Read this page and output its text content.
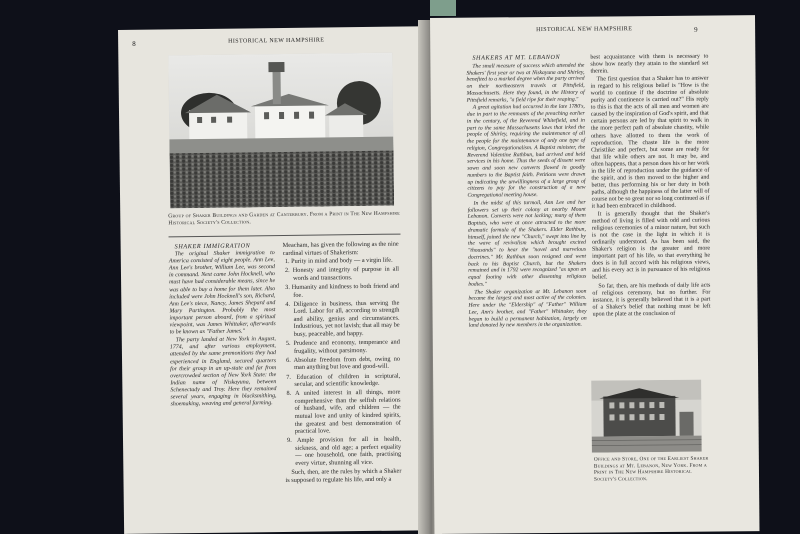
8	HISTORICAL NEW HAMPSHIRE
Group of Shaker Buildings and Garden at Canterbury. From a Print in The New Hampshire Historical Society's Collection.

SHAKER IMMIGRATION

The original Shaker immigration to America consisted of eight people. Ann Lee, Ann Lee's brother, William Lee, was second in command. Next came John Hocknell, who must have had considerable means, since he was able to buy a home for them later. Also included were John Hocknell's son, Richard, Ann Lee's niece, Nancy, James Shepard and Mary Partington. Probably the most important person aboard, from a spiritual viewpoint, was James Whittaker, afterwards to be known as "Father James."

The party landed at New York in August, 1774, and after various employment, attended by the same premonitions they had experienced in England, secured quarters for their group in an up-state and far from overcrowded section of New York State: the Indian name of Niskayuna, between Schenectady and Troy. Here they remained several years, engaging in blacksmithing, shoemaking, weaving and general farming.

Meacham, has given the following as the nine cardinal virtues of Shakerism:

1. Purity in mind and body — a virgin life.

2. Honesty and integrity of purpose in all words and transactions.

3. Humanity and kindness to both friend and foe.

4. Diligence in business, thus serving the Lord. Labor for all, according to strength and ability, genius and circumstances. Industrious, yet not lavish; that all may be busy, peaceable, and happy.

5. Prudence and economy, temperance and frugality, without parsimony.

6. Absolute freedom from debt, owing no man anything but love and good-will.

7. Education of children in scriptural, secular, and scientific knowledge.

8. A united interest in all things, more comprehensive than the selfish relations of husband, wife, and children — the mutual love and unity of kindred spirits, the greatest and best demonstration of practical love.

9. Ample provision for all in health, sickness, and old age; a perfect equality — one household, one faith, practising every virtue, shunning all vice.

Such, then, are the rules by which a Shaker is supposed to regulate his life, and only a

HISTORICAL NEW HAMPSHIRE	9

SHAKERS AT MT. LEBANON

The small measure of success which attended the Shakers' first year or two at Niskayuna and Shirley, benefited to a marked degree when the party arrived on their northeastern travels at Pittsfield, Massachusetts. Here they found, in the History of Pittsfield remarks, "a field ripe for their reaping."

A great agitation had occurred in the late 1780's, due in part to the remnants of the preaching earlier in the century, of the Reverend Whitefield, and in part to the same Massachusetts laws that irked the people of Shirley, requiring the maintenance of all the people for the maintenance of only one type of religion, Congregationalism. A Baptist minister, the Reverend Valentine Rathbun, had arrived and held services in his home. Thus the seeds of dissent were sown and soon new converts flowed in goodly numbers to the Baptist faith. Petitions were drawn up indicating the unwillingness of a large group of citizens to pay for the construction of a new Congregational meeting house.

In the midst of this turmoil, Ann Lee and her followers set up their colony at nearby Mount Lebanon. Converts were not lacking; many of them Baptists, who were at once attracted to the more dramatic formula of the Shakers. Elder Rathbun, himself, joined the new "Church," swept into line by the wave of revivalism which brought excited "thousands" to hear the "novel and marvelous doctrines." Mr. Rathbun soon resigned and went back to his Baptist Church, but the Shakers remained and in 1792 were recognized "as upon an equal footing with other dissenting religious bodies."

The Shaker organization at Mt. Lebanon soon became the largest and most active of the colonies. Here under the "Eldership" of "Father" William Lee, Ann's brother, and "Father" Whittaker, they began to build a permanent habitation, largely on land donated by new members in the organization.

best acquaintance with them is necessary to show how nearly they attain to the standard set therein.

The first question that a Shaker has to answer in regard to his religious belief is "How is the world to continue if the doctrine of absolute purity and continence is carried out?" His reply to this is that the acts of all men and women are caused by the inspiration of God's spirit, and that certain persons are led by that spirit to walk in the more perfect path of absolute chastity, while others have allotted to them the work of reproduction. The chaste life is the more Christlike and perfect, but some are ready for that life while others are not. It may be, and often happens, that a person does his or her work in the life of reproduction under the guidance of the spirit, and is then moved to the higher and better, thus performing his or her duty in both paths, although the happiness of the latter will of course not be so great nor so long continued as if it had been embraced in childhood.

It is generally thought that the Shaker's method of living is filled with odd and curious religious ceremonies of a minor nature, but such is not the case in the light in which it is ordinarily understood. As has been said, the Shaker's religion is the greater and more important part of his life, so that everything he does is in full accord with his religious views, and his every act is in pursuance of his religious belief.

So far, then, are his methods of daily life acts of religious ceremony, but no further. For instance, it is generally believed that it is a part of a Shaker's belief that nothing must be left upon the plate at the conclusion of

Office and Store, One of the Earliest Shaker Buildings at Mt. Lebanon, New York. From a Print in The New Hampshire Historical Society's Collection.
